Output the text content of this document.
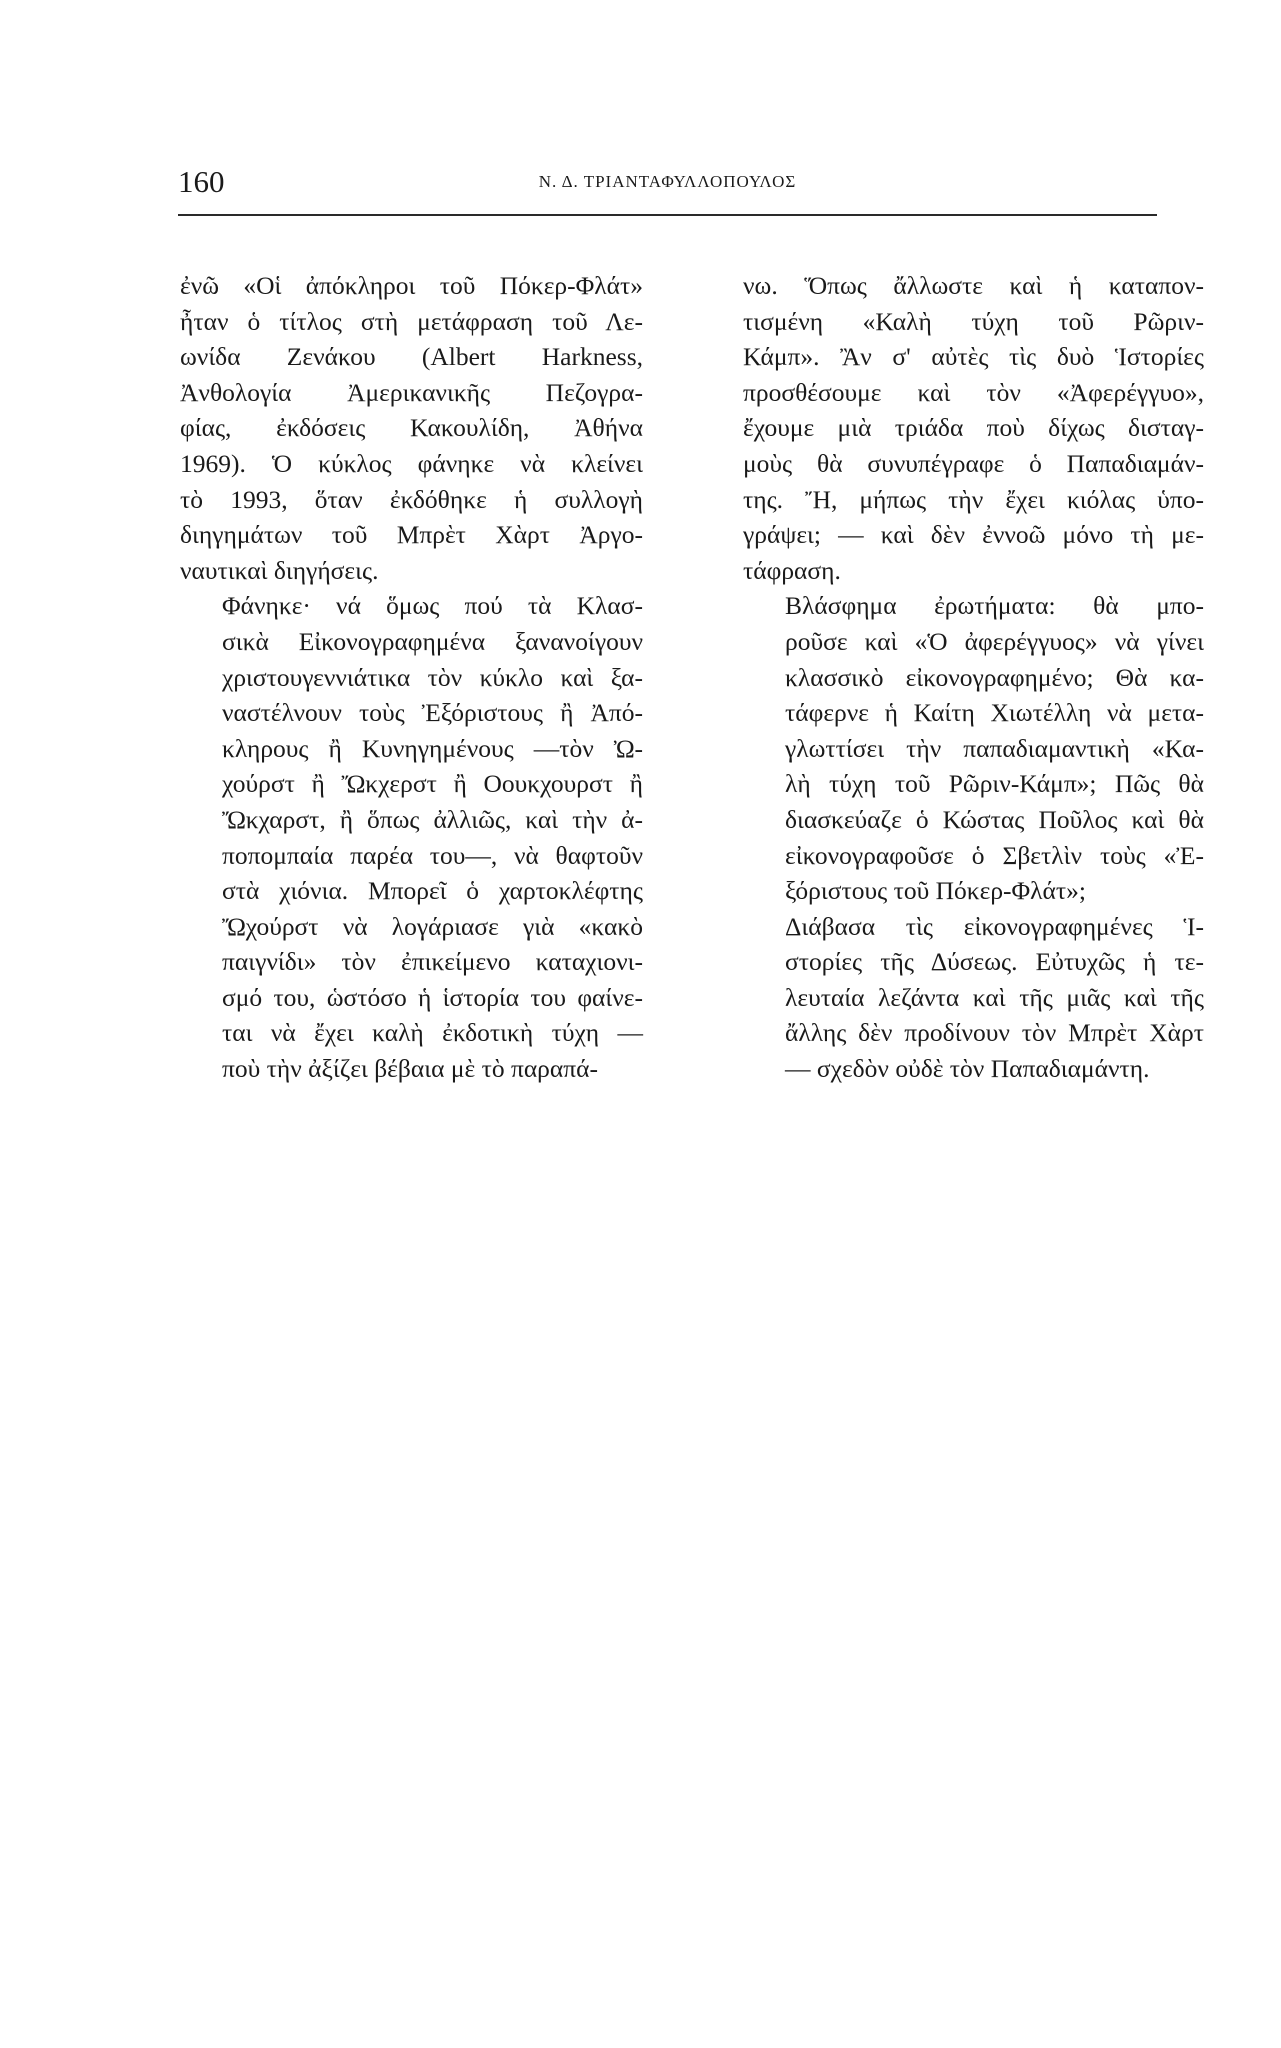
160	Ν. Δ. ΤΡΙΑΝΤΑΦΥΛΛΟΠΟΥΛΟΣ

ἐνῶ «Οἱ ἀπόκληροι τοῦ Πόκερ-Φλάτ»
ἦταν ὁ τίτλος στὴ μετάφραση τοῦ Λε-
ωνίδα Ζενάκου (Albert Harkness,
Ἀνθολογία Ἀμερικανικῆς Πεζογρα-
φίας, ἐκδόσεις Κακουλίδη, Ἀθήνα
1969). Ὁ κύκλος φάνηκε νὰ κλείνει
τὸ 1993, ὅταν ἐκδόθηκε ἡ συλλογὴ
διηγημάτων τοῦ Μπρὲτ Χὰρτ Ἀργο-
ναυτικαὶ διηγήσεις.

Φάνηκε· νά ὅμως πού τὰ Κλασ-
σικὰ Εἰκονογραφημένα ξανανοίγουν
χριστουγεννιάτικα τὸν κύκλο καὶ ξα-
ναστέλνουν τοὺς Ἐξόριστους ἢ Ἀπό-
κληρους ἢ Κυνηγημένους —τὸν Ὠ-
χούρστ ἢ Ὤκχερστ ἢ Οουκχουρστ ἢ
Ὤκχαρστ, ἢ ὅπως ἀλλιῶς, καὶ τὴν ἀ-
ποπομπαία παρέα του—, νὰ θαφτοῦν
στὰ χιόνια. Μπορεῖ ὁ χαρτοκλέφτης
Ὤχούρστ νὰ λογάριασε γιὰ «κακὸ
παιγνίδι» τὸν ἐπικείμενο καταχιονι-
σμό του, ὡστόσο ἡ ἱστορία του φαίνε-
ται νὰ ἔχει καλὴ ἐκδοτικὴ τύχη —
ποὺ τὴν ἀξίζει βέβαια μὲ τὸ παραπά-

νω. Ὅπως ἄλλωστε καὶ ἡ καταπον-
τισμένη «Καλὴ τύχη τοῦ Ρῶριν-
Κάμπ». Ἂν σ' αὐτὲς τὶς δυὸ Ἱστορίες
προσθέσουμε καὶ τὸν «Ἀφερέγγυο»,
ἔχουμε μιὰ τριάδα ποὺ δίχως δισταγ-
μοὺς θὰ συνυπέγραφε ὁ Παπαδιαμάν-
της. Ἤ, μήπως τὴν ἔχει κιόλας ὑπο-
γράψει; — καὶ δὲν ἐννοῶ μόνο τὴ με-
τάφραση.

Βλάσφημα ἐρωτήματα: θὰ μπο-
ροῦσε καὶ «Ὁ ἀφερέγγυος» νὰ γίνει
κλασσικὸ εἰκονογραφημένο; Θὰ κα-
τάφερνε ἡ Καίτη Χιωτέλλη νὰ μετα-
γλωττίσει τὴν παπαδιαμαντικὴ «Κα-
λὴ τύχη τοῦ Ρῶριν-Κάμπ»; Πῶς θὰ
διασκεύαζε ὁ Κώστας Ποῦλος καὶ θὰ
εἰκονογραφοῦσε ὁ Σβετλὶν τοὺς «Ἐ-
ξόριστους τοῦ Πόκερ-Φλάτ»;

Διάβασα τὶς εἰκονογραφημένες Ἱ-
στορίες τῆς Δύσεως. Εὐτυχῶς ἡ τε-
λευταία λεζάντα καὶ τῆς μιᾶς καὶ τῆς
ἄλλης δὲν προδίνουν τὸν Μπρὲτ Χὰρτ
— σχεδὸν οὐδὲ τὸν Παπαδιαμάντη.
